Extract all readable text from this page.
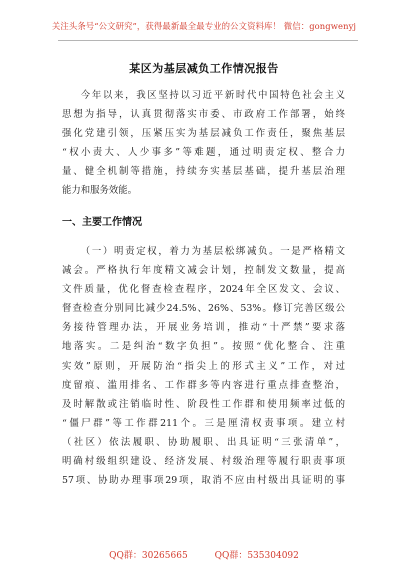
关注头条号“公文研究”，获得最新最全最专业的公文资料库！ 微信：gongwenyj
某区为基层减负工作情况报告
今年以来，我区坚持以习近平新时代中国特色社会主义
思想为指导，认真贯彻落实市委、市政府工作部署，始终
强化党建引领，压紧压实为基层减负工作责任，聚焦基层
“权小责大、人少事多”等难题，通过明责定权、整合力
量、健全机制等措施，持续夯实基层基础，提升基层治理
能力和服务效能。
一、主要工作情况
（一）明责定权，着力为基层松绑减负。一是严格精文
减会。严格执行年度精文减会计划，控制发文数量，提高
文件质量，优化督查检查程序，2024年全区发文、会议、
督查检查分别同比减少24.5%、26%、53%。修订完善区级公
务接待管理办法，开展业务培训，推动“十严禁”要求落
地落实。二是纠治“数字负担”。按照“优化整合、注重
实效”原则，开展防治“指尖上的形式主义”工作，对过
度留痕、滥用排名、工作群多等内容进行重点排查整治，
及时解散或注销临时性、阶段性工作群和使用频率过低的
“僵尸群”等工作群211个。三是厘清权责事项。建立村
（社区）依法履职、协助履职、出具证明“三张清单”，
明确村级组织建设、经济发展、村级治理等履行职责事项
57项、协助办理事项29项，取消不应由村级出具证明的事
QQ群：30265665	QQ群：535304092
